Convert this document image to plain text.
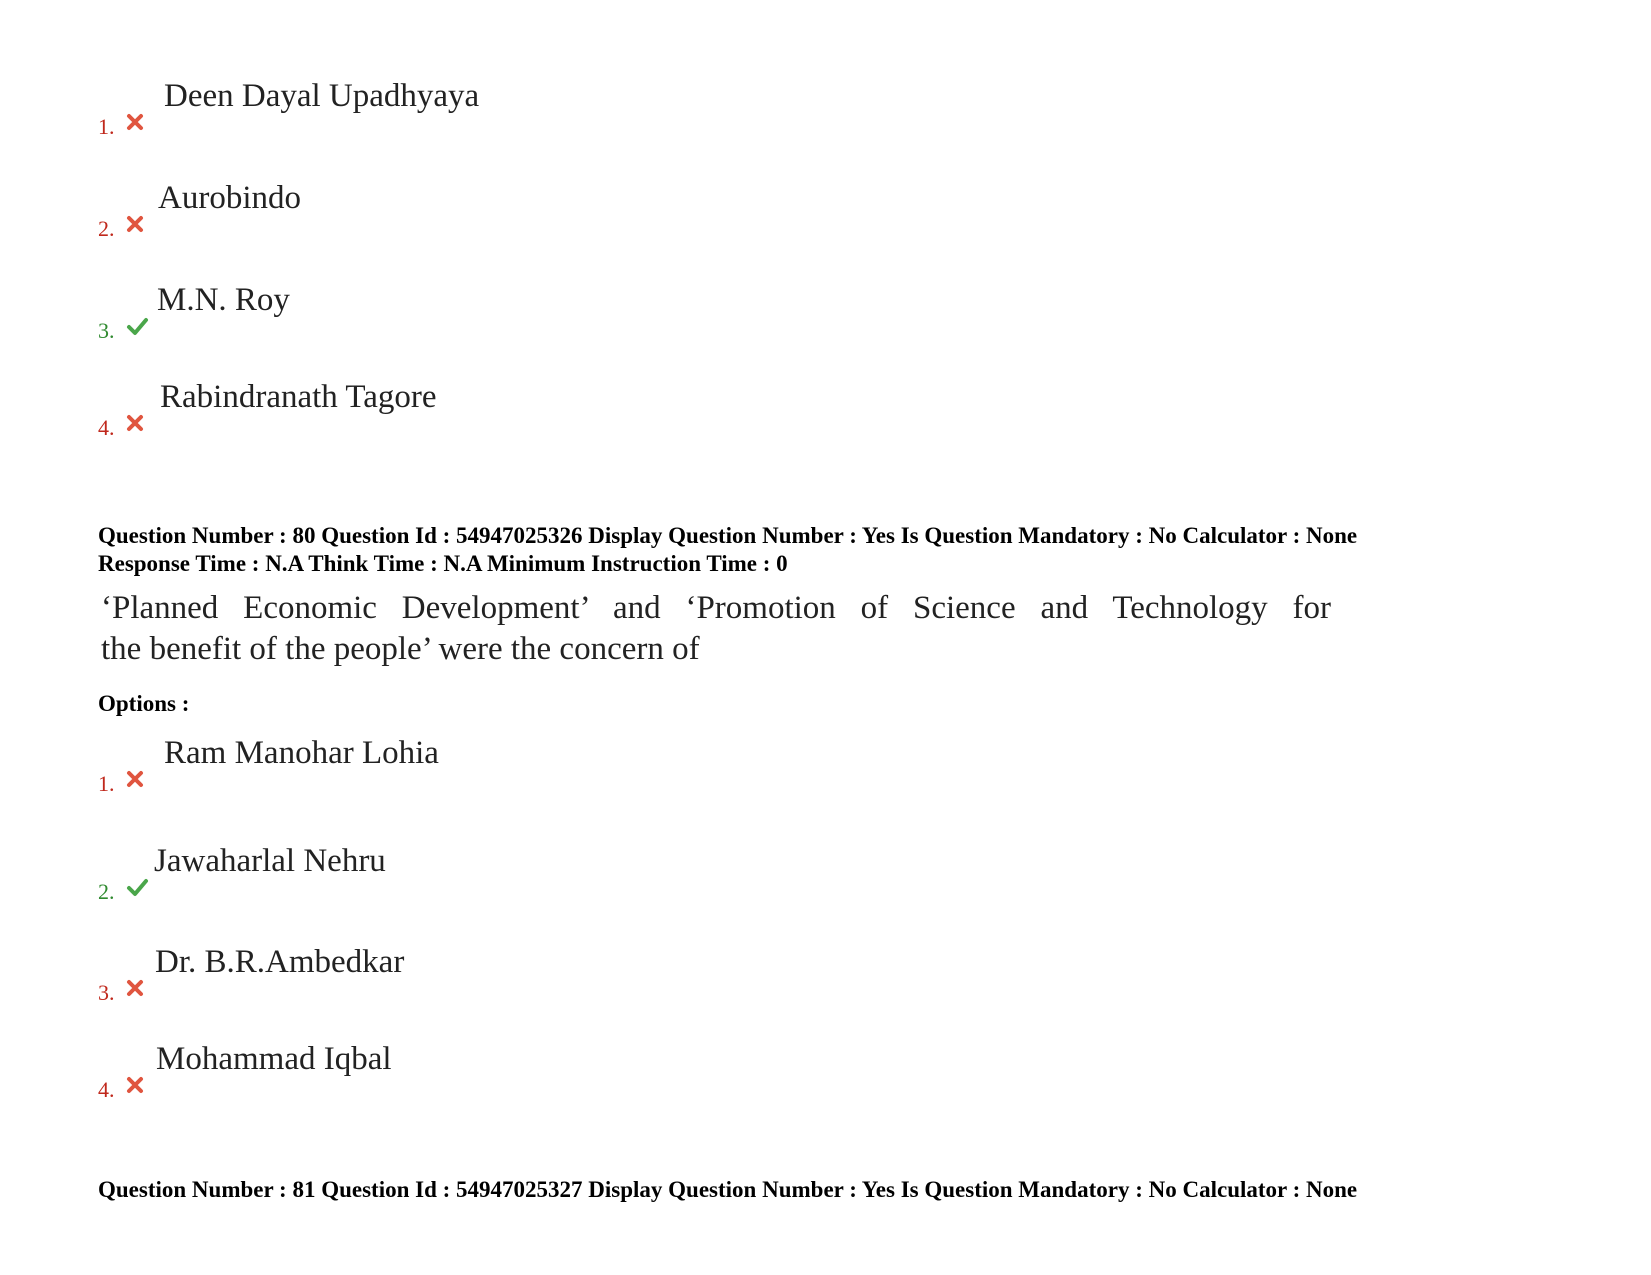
1.
Deen Dayal Upadhyaya
2.
Aurobindo
3.
M.N. Roy
4.
Rabindranath Tagore
Question Number : 80 Question Id : 54947025326 Display Question Number : Yes Is Question Mandatory : No Calculator : None
Response Time : N.A Think Time : N.A Minimum Instruction Time : 0
‘Planned Economic Development’ and ‘Promotion of Science and Technology for
the benefit of the people’ were the concern of
Options :
1.
Ram Manohar Lohia
2.
Jawaharlal Nehru
3.
Dr. B.R.Ambedkar
4.
Mohammad Iqbal
Question Number : 81 Question Id : 54947025327 Display Question Number : Yes Is Question Mandatory : No Calculator : None
